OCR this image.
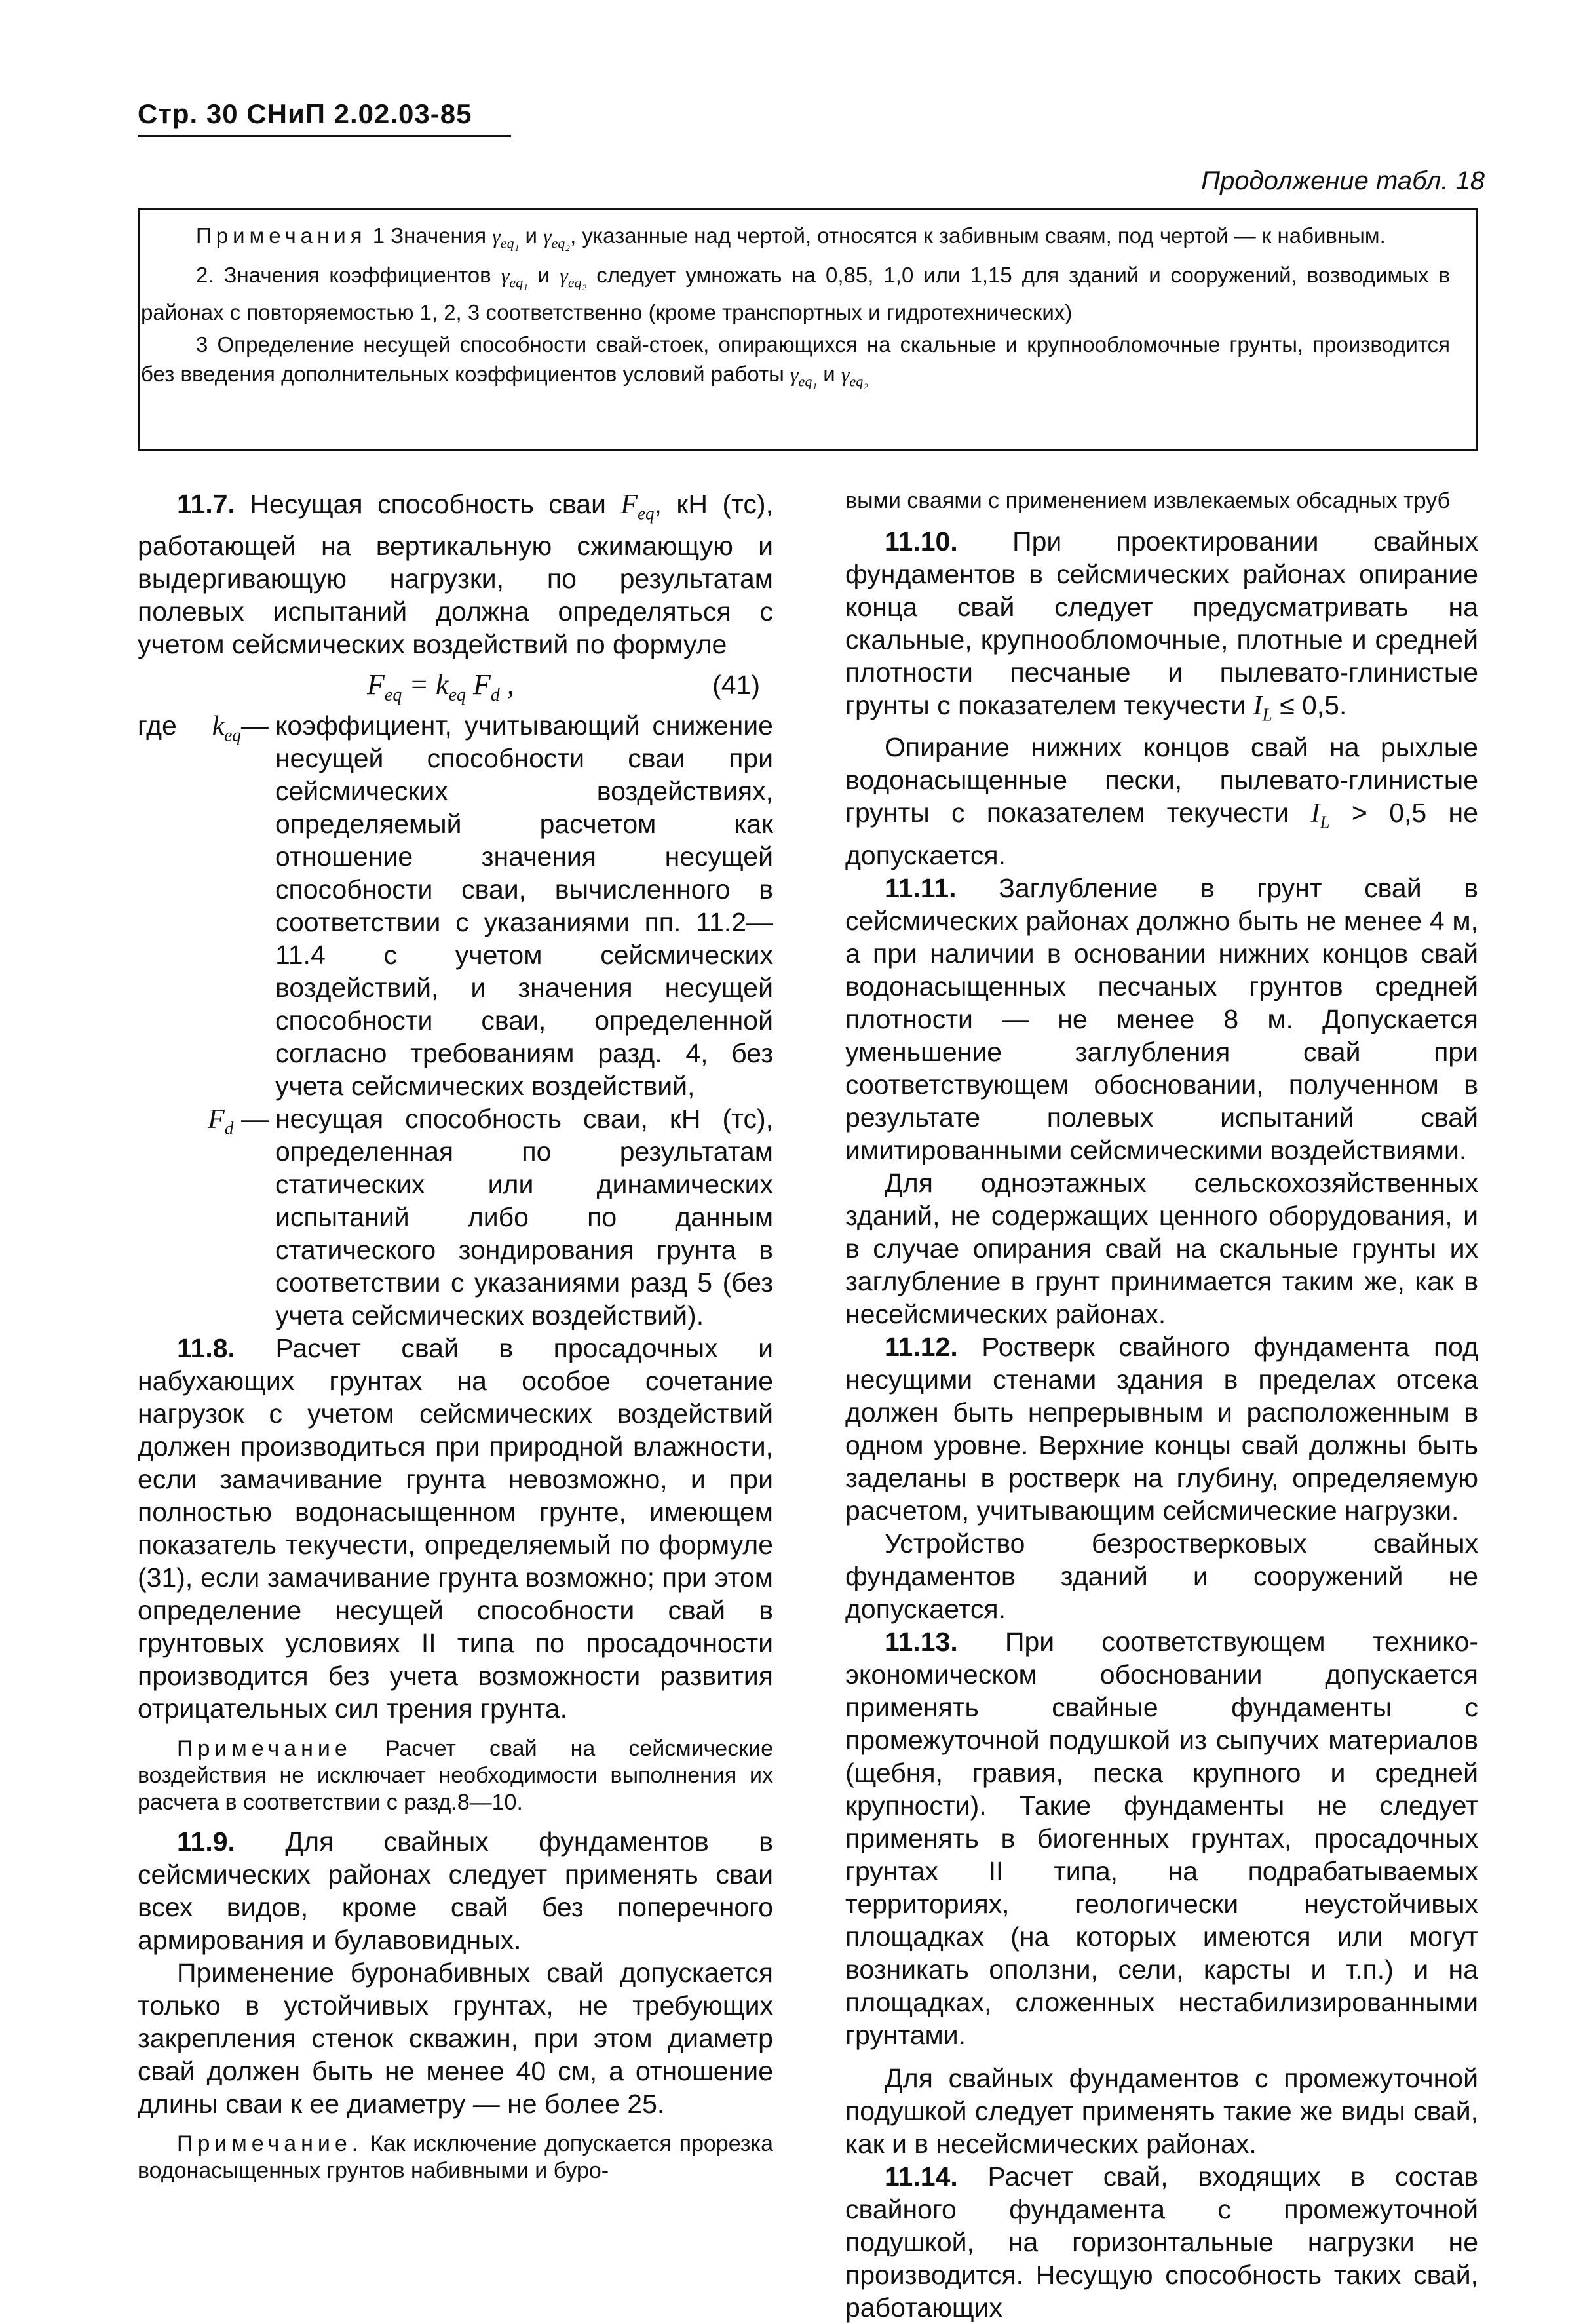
Стр. 30 СНиП 2.02.03-85
Продолжение табл. 18

Примечания 1 Значения $\gamma_{eq_1}$ и $\gamma_{eq_2}$, указанные над чертой, относятся к забивным сваям, под чертой — к набивным.

2. Значения коэффициентов $\gamma_{eq_1}$ и $\gamma_{eq_2}$ следует умножать на 0,85, 1,0 или 1,15 для зданий и сооружений, возводимых в районах с повторяемостью 1, 2, 3 соответственно (кроме транспортных и гидротехнических)

3 Определение несущей способности свай-стоек, опирающихся на скальные и крупнообломочные грунты, производится без введения дополнительных коэффициентов условий работы $\gamma_{eq_1}$ и $\gamma_{eq_2}$

11.7. Несущая способность сваи $F_{eq}$, кН (тс), работающей на вертикальную сжимающую и выдергивающую нагрузки, по результатам полевых испытаний должна определяться с учетом сейсмических воздействий по формуле

$F_{eq} = k_{eq}$ $F_d$ ,	(41)
где $k_{eq}—$ коэффициент, учитывающий снижение несущей способности сваи при сейсмических воздействиях, определяемый расчетом как отношение значения несущей способности сваи, вычисленного в соответствии с указаниями пп. 11.2—11.4 с учетом сейсмических воздействий, и значения несущей способности сваи, определенной согласно требованиям разд. 4, без учета сейсмических воздействий,
$F_d$ — несущая способность сваи, кН (тс), определенная по результатам статических или динамических испытаний либо по данным статического зондирования грунта в соответствии с указаниями разд 5 (без учета сейсмических воздействий).

11.8. Расчет свай в просадочных и набухающих грунтах на особое сочетание нагрузок с учетом сейсмических воздействий должен производиться при природной влажности, если замачивание грунта невозможно, и при полностью водонасыщенном грунте, имеющем показатель текучести, определяемый по формуле (31), если замачивание грунта возможно; при этом определение несущей способности свай в грунтовых условиях II типа по просадочности производится без учета возможности развития отрицательных сил трения грунта.

Примечание Расчет свай на сейсмические воздействия не исключает необходимости выполнения их расчета в соответствии с разд.8—10.

11.9. Для свайных фундаментов в сейсмических районах следует применять сваи всех видов, кроме свай без поперечного армирования и булавовидных.

Применение буронабивных свай допускается только в устойчивых грунтах, не требующих закрепления стенок скважин, при этом диаметр свай должен быть не менее 40 см, а отношение длины сваи к ее диаметру — не более 25.

Примечание. Как исключение допускается прорезка водонасыщенных грунтов набивными и буро-

выми сваями с применением извлекаемых обсадных труб

11.10. При проектировании свайных фундаментов в сейсмических районах опирание конца свай следует предусматривать на скальные, крупнообломочные, плотные и средней плотности песчаные и пылевато-глинистые грунты с показателем текучести $I_L \le 0,5$.

Опирание нижних концов свай на рыхлые водонасыщенные пески, пылевато-глинистые грунты с показателем текучести $I_L > 0,5$ не допускается.

11.11. Заглубление в грунт свай в сейсмических районах должно быть не менее 4 м, а при наличии в основании нижних концов свай водонасыщенных песчаных грунтов средней плотности — не менее 8 м. Допускается уменьшение заглубления свай при соответствующем обосновании, полученном в результате полевых испытаний свай имитированными сейсмическими воздействиями.

Для одноэтажных сельскохозяйственных зданий, не содержащих ценного оборудования, и в случае опирания свай на скальные грунты их заглубление в грунт принимается таким же, как в несейсмических районах.

11.12. Ростверк свайного фундамента под несущими стенами здания в пределах отсека должен быть непрерывным и расположенным в одном уровне. Верхние концы свай должны быть заделаны в ростверк на глубину, определяемую расчетом, учитывающим сейсмические нагрузки.

Устройство безростверковых свайных фундаментов зданий и сооружений не допускается.

11.13. При соответствующем технико-экономическом обосновании допускается применять свайные фундаменты с промежуточной подушкой из сыпучих материалов (щебня, гравия, песка крупного и средней крупности). Такие фундаменты не следует применять в биогенных грунтах, просадочных грунтах II типа, на подрабатываемых территориях, геологически неустойчивых площадках (на которых имеются или могут возникать оползни, сели, карсты и т.п.) и на площадках, сложенных нестабилизированными грунтами.

Для свайных фундаментов с промежуточной подушкой следует применять такие же виды свай, как и в несейсмических районах.

11.14. Расчет свай, входящих в состав свайного фундамента с промежуточной подушкой, на горизонтальные нагрузки не производится. Несущую способность таких свай, работающих
